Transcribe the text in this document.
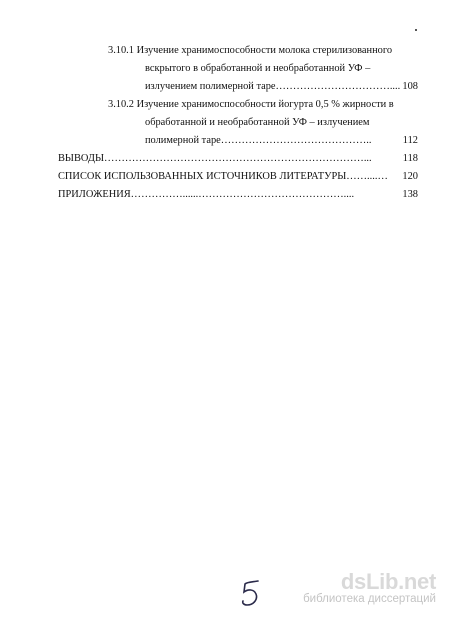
3.10.1 Изучение хранимоспособности молока стерилизованного
вскрытого в обработанной и необработанной УФ –
излучением полимерной таре…………………………….... 108
3.10.2 Изучение хранимоспособности йогурта 0,5 % жирности в
обработанной и необработанной УФ – излучением
полимерной таре……………………………………..	112
ВЫВОДЫ…………………………………………………………………...	118
СПИСОК ИСПОЛЬЗОВАННЫХ ИСТОЧНИКОВ ЛИТЕРАТУРЫ……....…	120
ПРИЛОЖЕНИЯ……………......……………………………………....	138
dsLib.net
библиотека диссертаций
